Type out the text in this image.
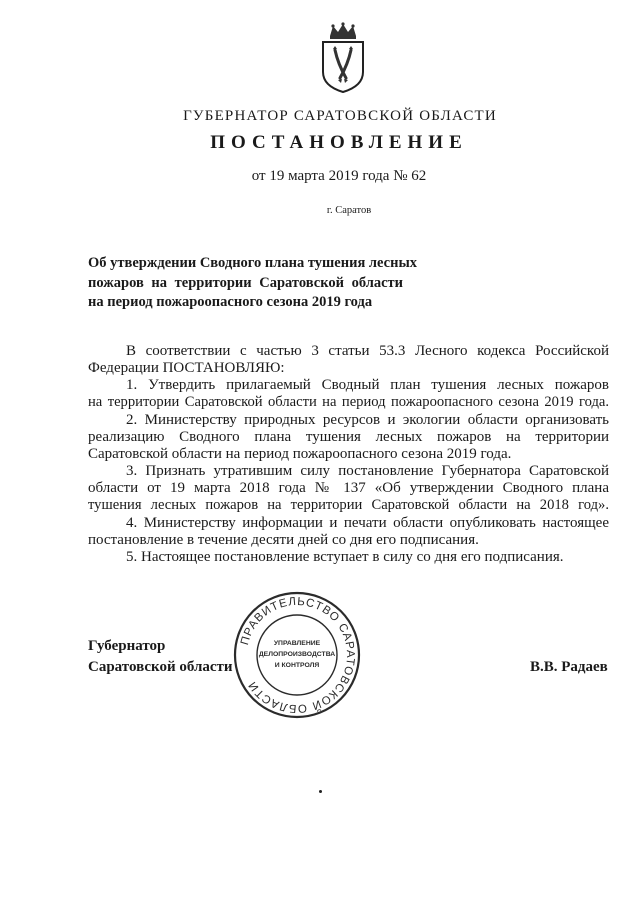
ГУБЕРНАТОР САРАТОВСКОЙ ОБЛАСТИ
ПОСТАНОВЛЕНИЕ
от 19 марта 2019 года № 62
г. Саратов
Об утверждении Сводного плана тушения лесных
пожаров на территории Саратовской области
на период пожароопасного сезона 2019 года
В соответствии с частью 3 статьи 53.3 Лесного кодекса Российской
Федерации ПОСТАНОВЛЯЮ:
1. Утвердить прилагаемый Сводный план тушения лесных пожаров
на территории Саратовской области на период пожароопасного сезона 2019 года.
2. Министерству природных ресурсов и экологии области организовать
реализацию Сводного плана тушения лесных пожаров на территории
Саратовской области на период пожароопасного сезона 2019 года.
3. Признать утратившим силу постановление Губернатора Саратовской
области от 19 марта 2018 года № 137 «Об утверждении Сводного плана
тушения лесных пожаров на территории Саратовской области на 2018 год».
4. Министерству информации и печати области опубликовать настоящее
постановление в течение десяти дней со дня его подписания.
5. Настоящее постановление вступает в силу со дня его подписания.
Губернатор
Саратовской области	В.В. Радаев
ПРАВИТЕЛЬСТВО САРАТОВСКОЙ ОБЛАСТИ
УПРАВЛЕНИЕ
ДЕЛОПРОИЗВОДСТВА
И КОНТРОЛЯ
